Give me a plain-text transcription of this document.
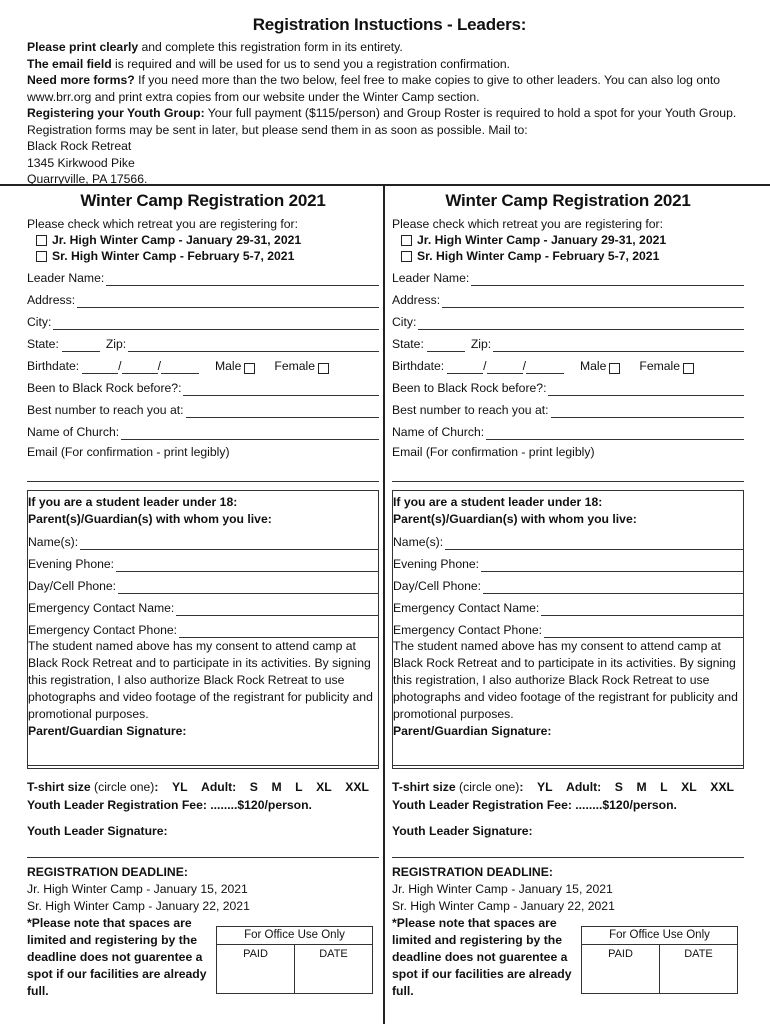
Registration Instuctions - Leaders:

Please print clearly and complete this registration form in its entirety.

The email field is required and will be used for us to send you a registration confirmation.

Need more forms? If you need more than the two below, feel free to make copies to give to other leaders. You can also log onto www.brr.org and print extra copies from our website under the Winter Camp section.

Registering your Youth Group: Your full payment ($115/person) and Group Roster is required to hold a spot for your Youth Group. Registration forms may be sent in later, but please send them in as soon as possible. Mail to:

Black Rock Retreat

1345 Kirkwood Pike

Quarryville, PA 17566.

Winter Camp Registration 2021
Please check which retreat you are registering for:
Jr. High Winter Camp - January 29-31, 2021
Sr. High Winter Camp - February 5-7, 2021
Leader Name:
Address:
City:
State:	Zip:
Birthdate:	/	/	Male	Female
Been to Black Rock before?:
Best number to reach you at:
Name of Church:
Email (For confirmation - print legibly)
If you are a student leader under 18:
Parent(s)/Guardian(s) with whom you live:
Name(s):
Evening Phone:
Day/Cell Phone:
Emergency Contact Name:
Emergency Contact Phone:
The student named above has my consent to attend camp at Black Rock Retreat and to participate in its activities. By signing this registration, I also authorize Black Rock Retreat to use photographs and video footage of the registrant for publicity and promotional purposes.
Parent/Guardian Signature:
T-shirt size (circle one): YL Adult: S M L XL XXL
Youth Leader Registration Fee: ........$120/person.
Youth Leader Signature:
REGISTRATION DEADLINE:
Jr. High Winter Camp - January 15, 2021
Sr. High Winter Camp - January 22, 2021
*Please note that spaces are limited and registering by the deadline does not guarentee a spot if our facilities are already full.
For Office Use Only
PAID	DATE
Winter Camp Registration 2021
Please check which retreat you are registering for:
Jr. High Winter Camp - January 29-31, 2021
Sr. High Winter Camp - February 5-7, 2021
Leader Name:
Address:
City:
State:	Zip:
Birthdate:	/	/	Male	Female
Been to Black Rock before?:
Best number to reach you at:
Name of Church:
Email (For confirmation - print legibly)
If you are a student leader under 18:
Parent(s)/Guardian(s) with whom you live:
Name(s):
Evening Phone:
Day/Cell Phone:
Emergency Contact Name:
Emergency Contact Phone:
The student named above has my consent to attend camp at Black Rock Retreat and to participate in its activities. By signing this registration, I also authorize Black Rock Retreat to use photographs and video footage of the registrant for publicity and promotional purposes.
Parent/Guardian Signature:
T-shirt size (circle one): YL Adult: S M L XL XXL
Youth Leader Registration Fee: ........$120/person.
Youth Leader Signature:
REGISTRATION DEADLINE:
Jr. High Winter Camp - January 15, 2021
Sr. High Winter Camp - January 22, 2021
*Please note that spaces are limited and registering by the deadline does not guarentee a spot if our facilities are already full.
For Office Use Only
PAID	DATE
